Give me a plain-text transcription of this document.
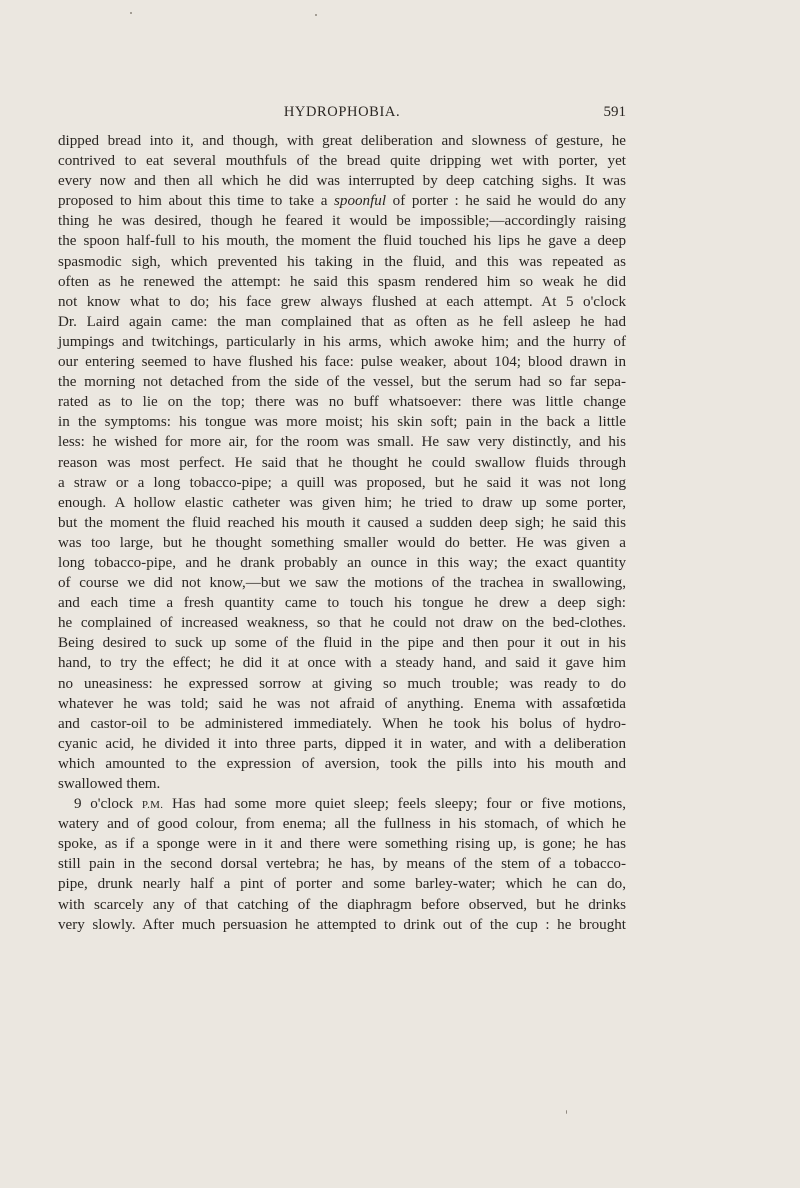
HYDROPHOBIA.	591
dipped bread into it, and though, with great deliberation and slowness of gesture, he
contrived to eat several mouthfuls of the bread quite dripping wet with porter, yet
every now and then all which he did was interrupted by deep catching sighs. It was
proposed to him about this time to take a spoonful of porter : he said he would do any
thing he was desired, though he feared it would be impossible;—accordingly raising
the spoon half-full to his mouth, the moment the fluid touched his lips he gave a deep
spasmodic sigh, which prevented his taking in the fluid, and this was repeated as
often as he renewed the attempt: he said this spasm rendered him so weak he did
not know what to do; his face grew always flushed at each attempt. At 5 o'clock
Dr. Laird again came: the man complained that as often as he fell asleep he had
jumpings and twitchings, particularly in his arms, which awoke him; and the hurry of
our entering seemed to have flushed his face: pulse weaker, about 104; blood drawn in
the morning not detached from the side of the vessel, but the serum had so far sepa-
rated as to lie on the top; there was no buff whatsoever: there was little change
in the symptoms: his tongue was more moist; his skin soft; pain in the back a little
less: he wished for more air, for the room was small. He saw very distinctly, and his
reason was most perfect. He said that he thought he could swallow fluids through
a straw or a long tobacco-pipe; a quill was proposed, but he said it was not long
enough. A hollow elastic catheter was given him; he tried to draw up some porter,
but the moment the fluid reached his mouth it caused a sudden deep sigh; he said this
was too large, but he thought something smaller would do better. He was given a
long tobacco-pipe, and he drank probably an ounce in this way; the exact quantity
of course we did not know,—but we saw the motions of the trachea in swallowing,
and each time a fresh quantity came to touch his tongue he drew a deep sigh:
he complained of increased weakness, so that he could not draw on the bed-clothes.
Being desired to suck up some of the fluid in the pipe and then pour it out in his
hand, to try the effect; he did it at once with a steady hand, and said it gave him
no uneasiness: he expressed sorrow at giving so much trouble; was ready to do
whatever he was told; said he was not afraid of anything. Enema with assafœtida
and castor-oil to be administered immediately. When he took his bolus of hydro-
cyanic acid, he divided it into three parts, dipped it in water, and with a deliberation
which amounted to the expression of aversion, took the pills into his mouth and
swallowed them.
9 o'clock P.M. Has had some more quiet sleep; feels sleepy; four or five motions,
watery and of good colour, from enema; all the fullness in his stomach, of which he
spoke, as if a sponge were in it and there were something rising up, is gone; he has
still pain in the second dorsal vertebra; he has, by means of the stem of a tobacco-
pipe, drunk nearly half a pint of porter and some barley-water; which he can do,
with scarcely any of that catching of the diaphragm before observed, but he drinks
very slowly. After much persuasion he attempted to drink out of the cup : he brought
